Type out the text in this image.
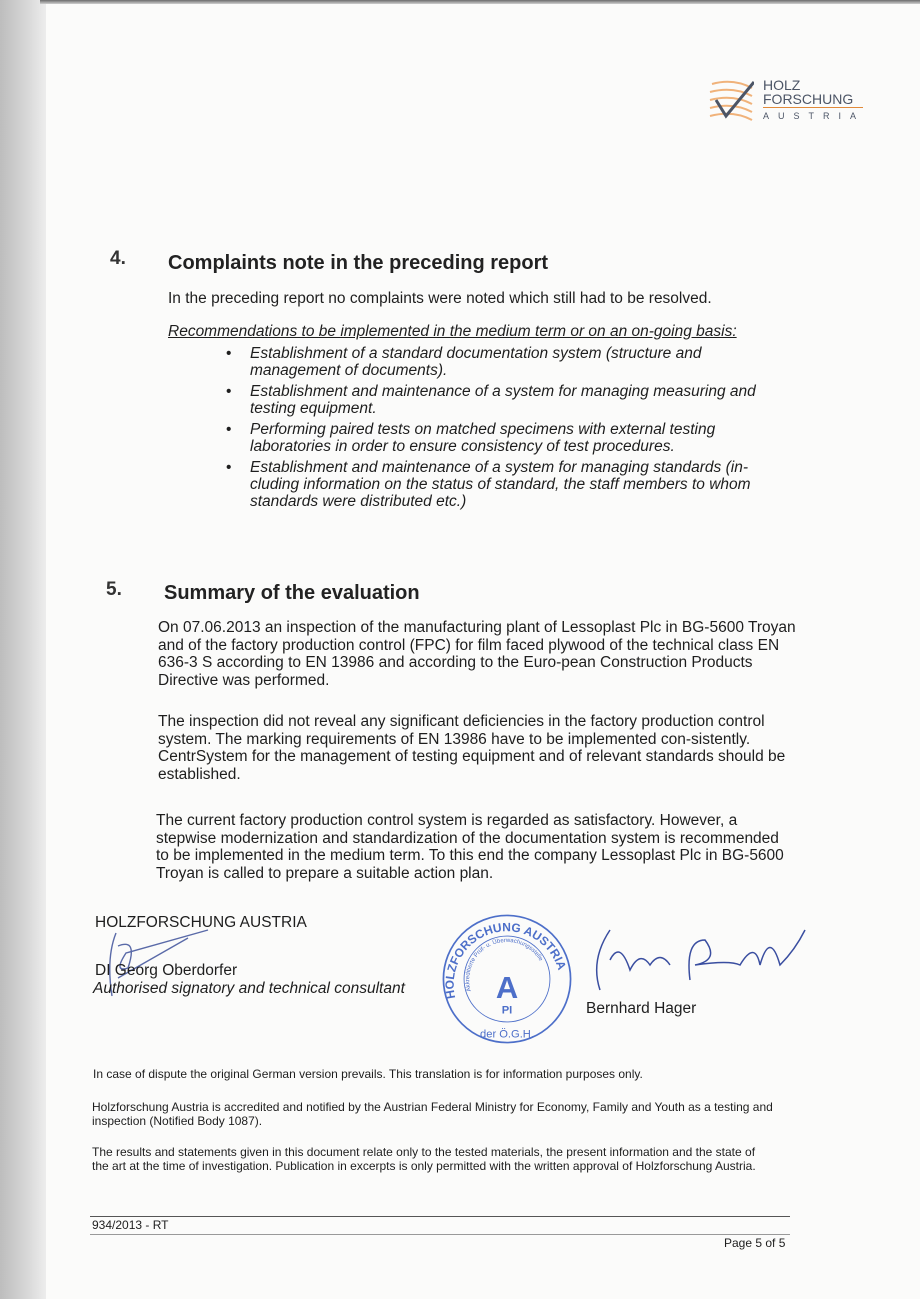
HOLZ
FORSCHUNG
AUSTRIA
4. Complaints note in the preceding report
In the preceding report no complaints were noted which still had to be resolved.
Recommendations to be implemented in the medium term or on an on-going basis:
• Establishment of a standard documentation system (structure and management of documents).
• Establishment and maintenance of a system for managing measuring and testing equipment.
• Performing paired tests on matched specimens with external testing laboratories in order to ensure consistency of test procedures.
• Establishment and maintenance of a system for managing standards (in-cluding information on the status of standard, the staff members to whom standards were distributed etc.)
5. Summary of the evaluation
On 07.06.2013 an inspection of the manufacturing plant of Lessoplast Plc in BG-5600 Troyan and of the factory production control (FPC) for film faced plywood of the technical class EN 636-3 S according to EN 13986 and according to the Euro-pean Construction Products Directive was performed.
The inspection did not reveal any significant deficiencies in the factory production control system. The marking requirements of EN 13986 have to be implemented con-sistently. CentrSystem for the management of testing equipment and of relevant standards should be established.
The current factory production control system is regarded as satisfactory. However, a stepwise modernization and standardization of the documentation system is recommended to be implemented in the medium term. To this end the company Lessoplast Plc in BG-5600 Troyan is called to prepare a suitable action plan.
HOLZFORSCHUNG AUSTRIA
DI Georg Oberdorfer
Authorised signatory and technical consultant	HOLZFORSCHUNG AUSTRIA
Akkreditierte Prüf- u. Überwachungsstelle
A
PI
der Ö.G.H.
Bernhard Hager
In case of dispute the original German version prevails. This translation is for information purposes only.
Holzforschung Austria is accredited and notified by the Austrian Federal Ministry for Economy, Family and Youth as a testing and inspection (Notified Body 1087).
The results and statements given in this document relate only to the tested materials, the present information and the state of the art at the time of investigation. Publication in excerpts is only permitted with the written approval of Holzforschung Austria.
934/2013 - RT
Page 5 of 5
